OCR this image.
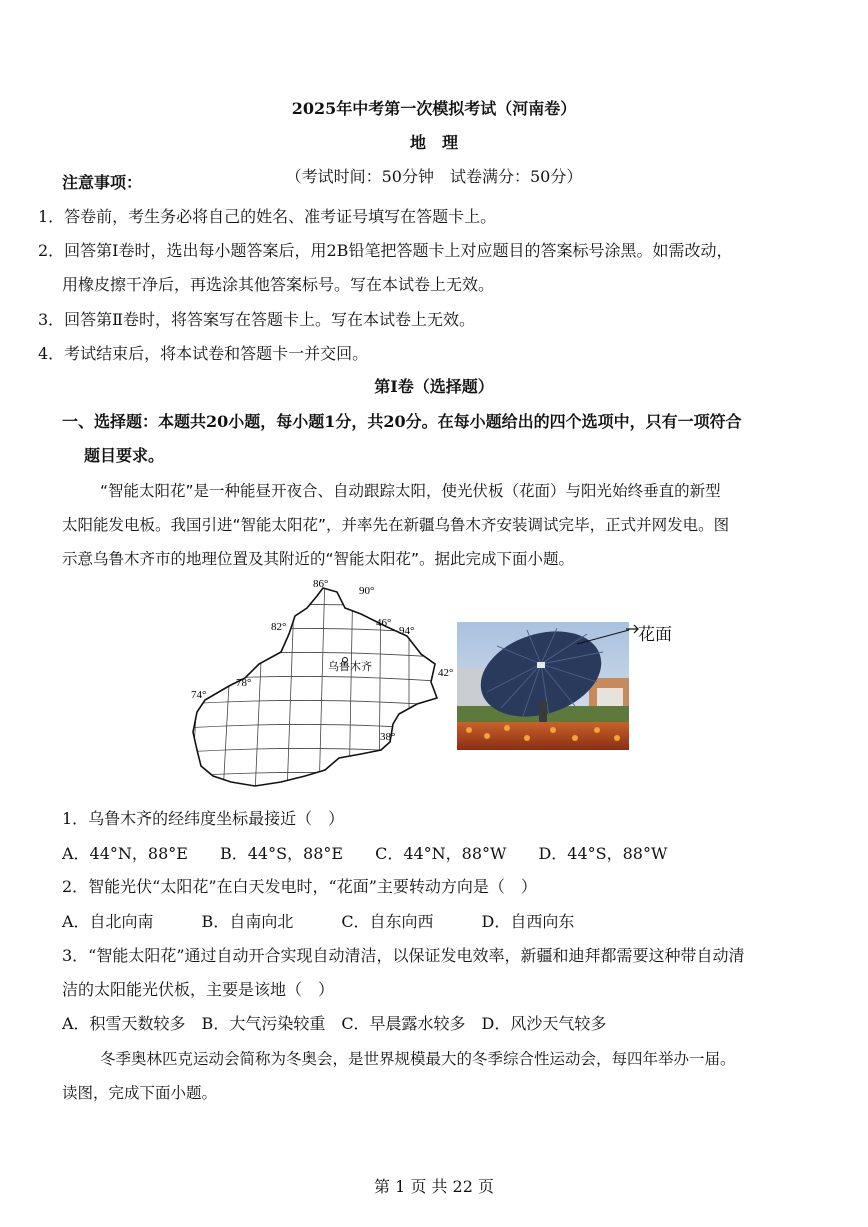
2025年中考第一次模拟考试（河南卷）
地　理
（考试时间：50分钟　试卷满分：50分）
注意事项：
1．答卷前，考生务必将自己的姓名、准考证号填写在答题卡上。
2．回答第Ⅰ卷时，选出每小题答案后，用2B铅笔把答题卡上对应题目的答案标号涂黑。如需改动，
用橡皮擦干净后，再选涂其他答案标号。写在本试卷上无效。
3．回答第Ⅱ卷时，将答案写在答题卡上。写在本试卷上无效。
4．考试结束后，将本试卷和答题卡一并交回。
第Ⅰ卷（选择题）
一、选择题：本题共20小题，每小题1分，共20分。在每小题给出的四个选项中，只有一项符合
题目要求。
“智能太阳花”是一种能昼开夜合、自动跟踪太阳，使光伏板（花面）与阳光始终垂直的新型
太阳能发电板。我国引进“智能太阳花”，并率先在新疆乌鲁木齐安装调试完毕，正式并网发电。图
示意乌鲁木齐市的地理位置及其附近的“智能太阳花”。据此完成下面小题。
乌鲁木齐
86°
90°
82°	46°
94°
42°
78°
74°
38°
花面
1．乌鲁木齐的经纬度坐标最接近（　）
A．44°N，88°E　　B．44°S，88°E　　C．44°N，88°W　　D．44°S，88°W
2．智能光伏“太阳花”在白天发电时，“花面”主要转动方向是（　）
A．自北向南　　　B．自南向北　　　C．自东向西　　　D．自西向东
3．“智能太阳花”通过自动开合实现自动清洁，以保证发电效率，新疆和迪拜都需要这种带自动清
洁的太阳能光伏板，主要是该地（　）
A．积雪天数较多　B．大气污染较重　C．早晨露水较多　D．风沙天气较多
冬季奥林匹克运动会简称为冬奥会，是世界规模最大的冬季综合性运动会，每四年举办一届。
读图，完成下面小题。
第 1 页 共 22 页
